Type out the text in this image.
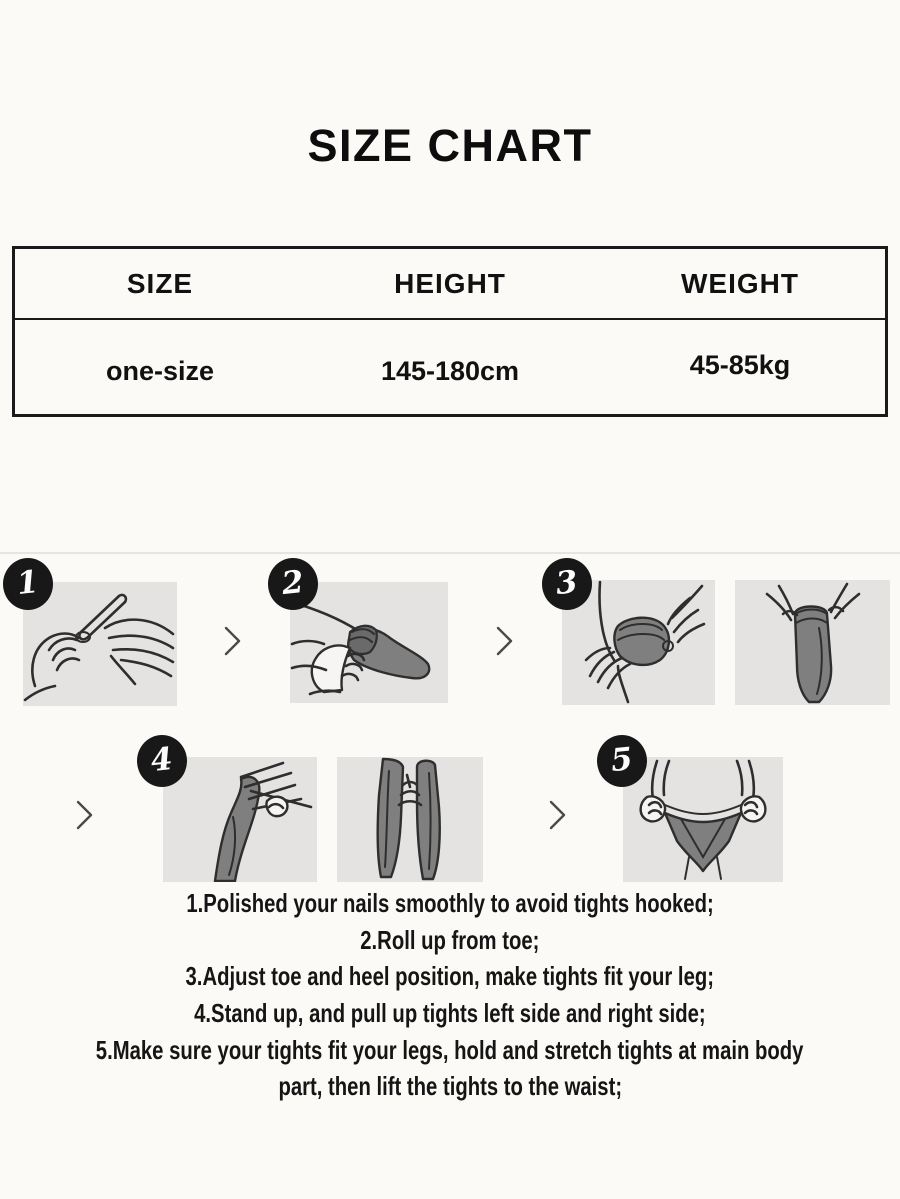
SIZE CHART
SIZE	HEIGHT	WEIGHT
one-size	145-180cm	45-85kg
1	2	3
4	5
1.Polished your nails smoothly to avoid tights hooked;
2.Roll up from toe;
3.Adjust toe and heel position, make tights fit your leg;
4.Stand up, and pull up tights left side and right side;
5.Make sure your tights fit your legs, hold and stretch tights at main body
part, then lift the tights to the waist;
